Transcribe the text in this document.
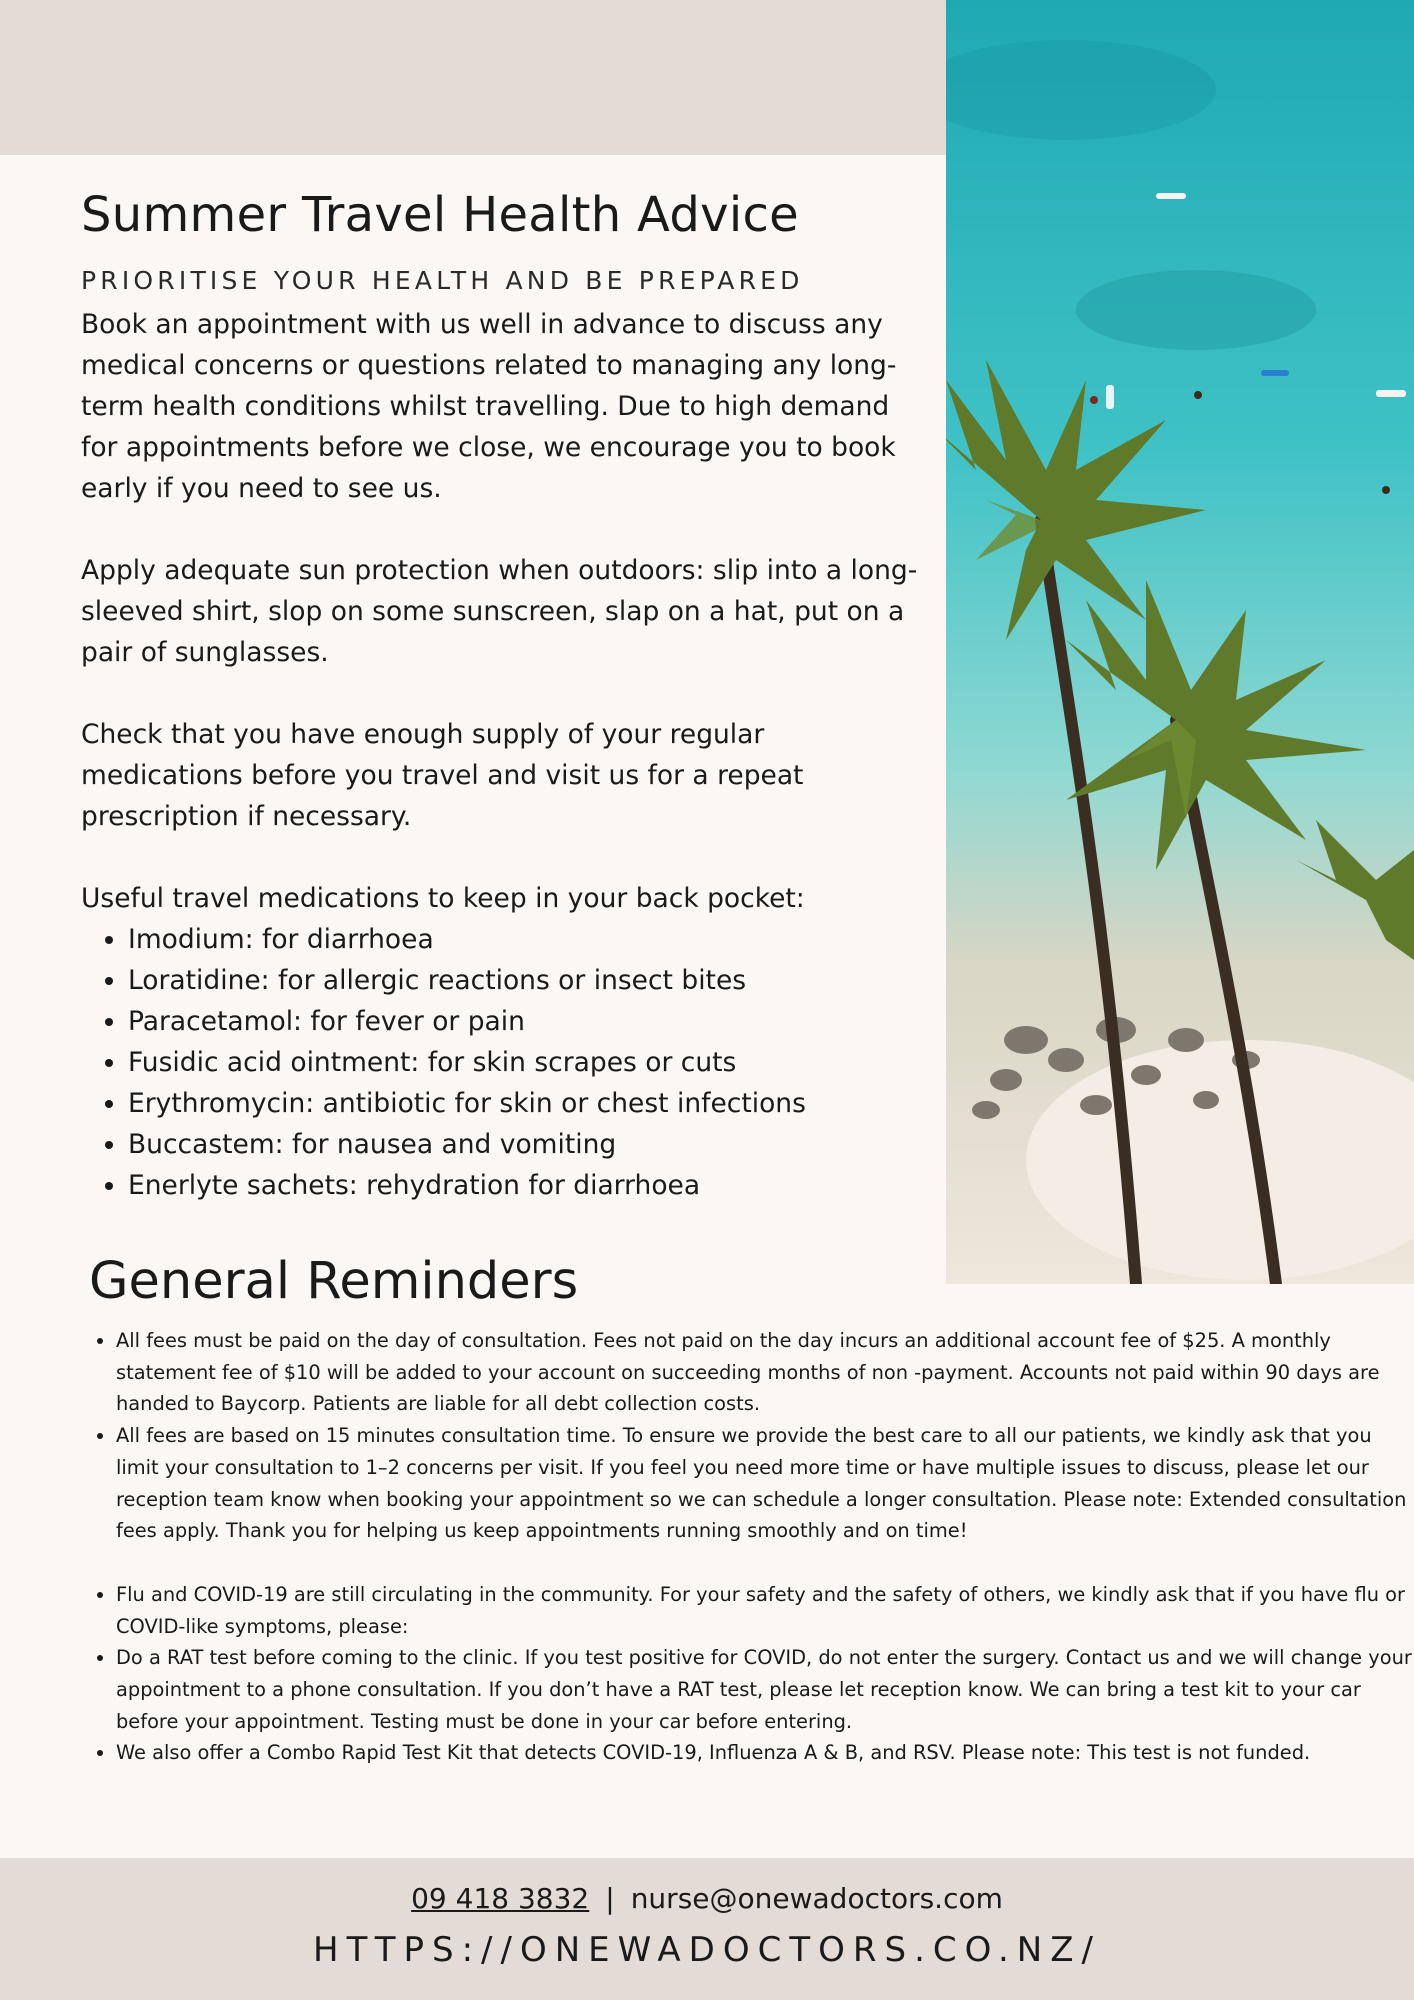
Summer Travel Health Advice
PRIORITISE YOUR HEALTH AND BE PREPARED

Book an appointment with us well in advance to discuss any medical concerns or questions related to managing any long-term health conditions whilst travelling. Due to high demand for appointments before we close, we encourage you to book early if you need to see us.

Apply adequate sun protection when outdoors: slip into a long-sleeved shirt, slop on some sunscreen, slap on a hat, put on a pair of sunglasses.

Check that you have enough supply of your regular medications before you travel and visit us for a repeat prescription if necessary.

Useful travel medications to keep in your back pocket:

• Imodium: for diarrhoea
• Loratidine: for allergic reactions or insect bites
• Paracetamol: for fever or pain
• Fusidic acid ointment: for skin scrapes or cuts
• Erythromycin: antibiotic for skin or chest infections
• Buccastem: for nausea and vomiting
• Enerlyte sachets: rehydration for diarrhoea
General Reminders
• All fees must be paid on the day of consultation. Fees not paid on the day incurs an additional account fee of $25. A monthly statement fee of $10 will be added to your account on succeeding months of non -payment. Accounts not paid within 90 days are handed to Baycorp. Patients are liable for all debt collection costs.
• All fees are based on 15 minutes consultation time. To ensure we provide the best care to all our patients, we kindly ask that you limit your consultation to 1–2 concerns per visit. If you feel you need more time or have multiple issues to discuss, please let our reception team know when booking your appointment so we can schedule a longer consultation. Please note: Extended consultation fees apply. Thank you for helping us keep appointments running smoothly and on time!
• Flu and COVID-19 are still circulating in the community. For your safety and the safety of others, we kindly ask that if you have flu or COVID-like symptoms, please:
• Do a RAT test before coming to the clinic. If you test positive for COVID, do not enter the surgery. Contact us and we will change your appointment to a phone consultation. If you don’t have a RAT test, please let reception know. We can bring a test kit to your car before your appointment. Testing must be done in your car before entering.
• We also offer a Combo Rapid Test Kit that detects COVID-19, Influenza A & B, and RSV. Please note: This test is not funded.
09 418 3832 | nurse@onewadoctors.com
HTTPS://ONEWADOCTORS.CO.NZ/
